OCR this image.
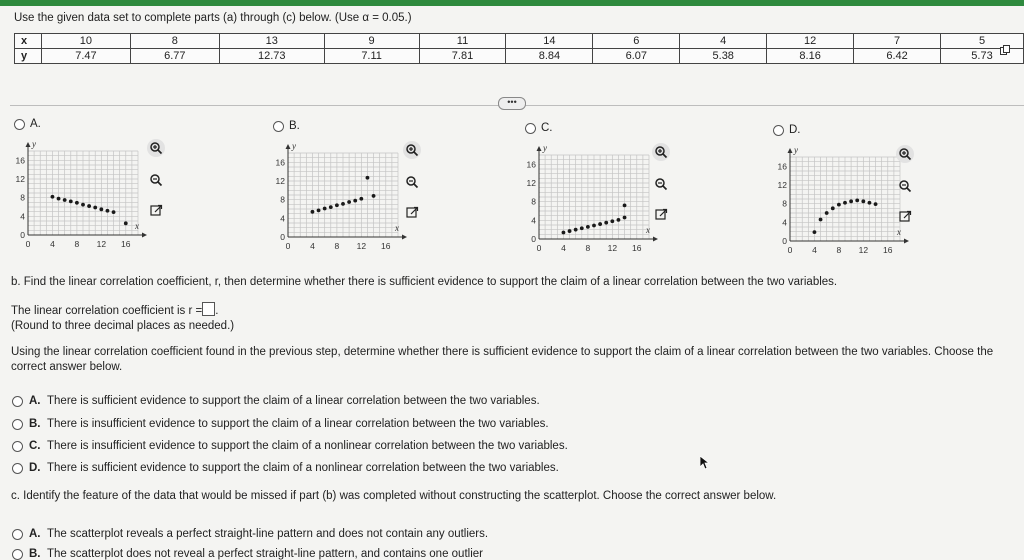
Use the given data set to complete parts (a) through (c) below. (Use α = 0.05.)
x	10	8	13	9	11	14	6	4	12	7	5
y	7.47	6.77	12.73	7.11	7.81	8.84	6.07	5.38	8.16	6.42	5.73
•••
A.	B.	C.	D.
16
12
8
4
0
0 4 8 12 16
y
x
16
12
8
4
0
0 4 8 12 16
y
x
16
12
8
4
0
0 4 8 12 16
y
x
16
12
8
4
0
0 4 8 12 16
y
x
b. Find the linear correlation coefficient, r, then determine whether there is sufficient evidence to support the claim of a linear correlation between the two variables.
The linear correlation coefficient is r = .
(Round to three decimal places as needed.)
Using the linear correlation coefficient found in the previous step, determine whether there is sufficient evidence to support the claim of a linear correlation between the two variables. Choose the correct answer below.
A. There is sufficient evidence to support the claim of a linear correlation between the two variables.
B. There is insufficient evidence to support the claim of a linear correlation between the two variables.
C. There is insufficient evidence to support the claim of a nonlinear correlation between the two variables.
D. There is sufficient evidence to support the claim of a nonlinear correlation between the two variables.
c. Identify the feature of the data that would be missed if part (b) was completed without constructing the scatterplot. Choose the correct answer below.
A. The scatterplot reveals a perfect straight-line pattern and does not contain any outliers.
B. The scatterplot does not reveal a perfect straight-line pattern, and contains one outlier
